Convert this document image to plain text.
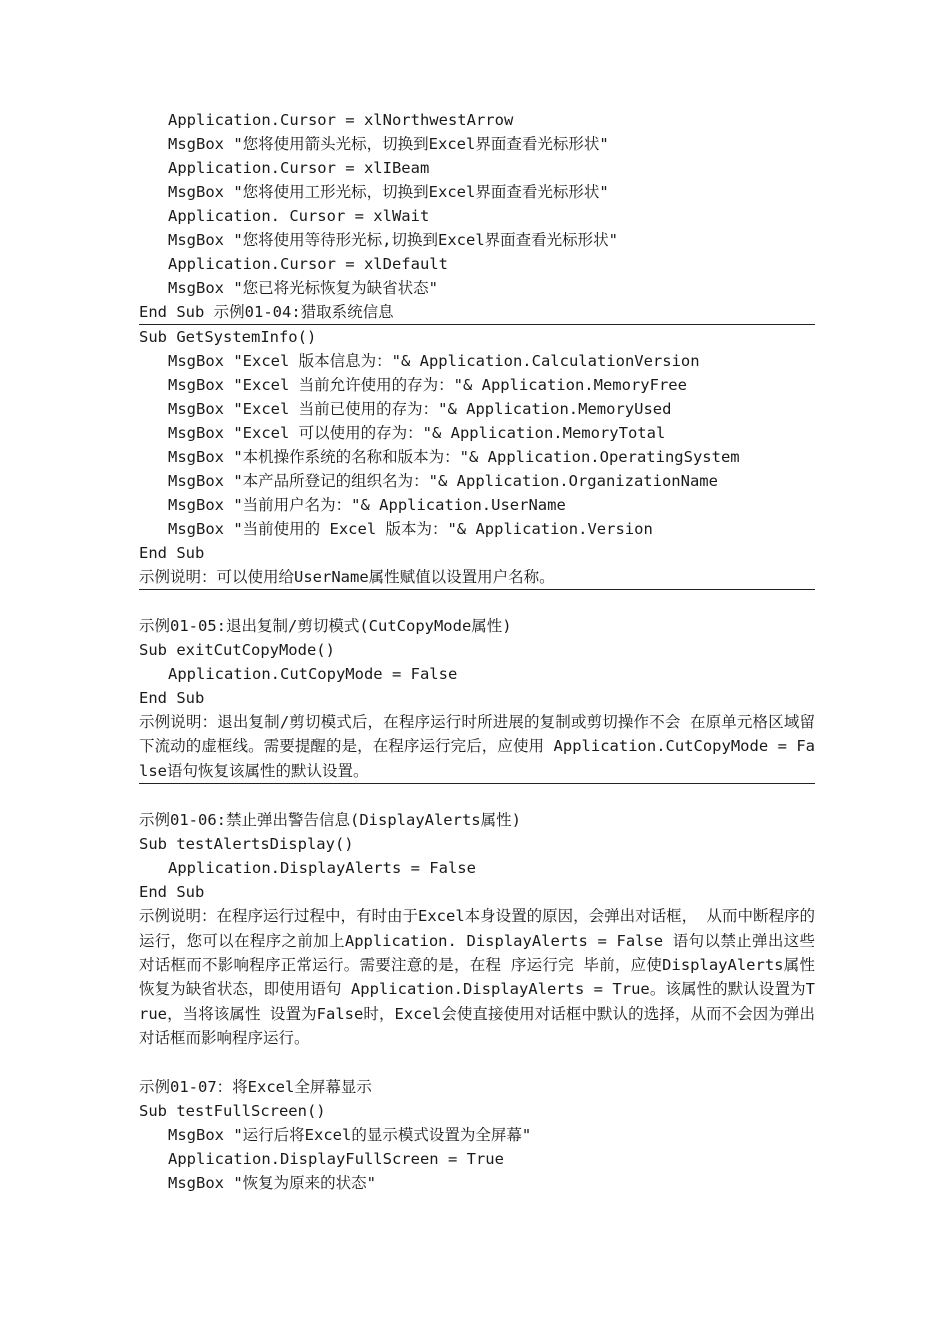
Application.Cursor = xlNorthwestArrow
MsgBox "您将使用箭头光标，切换到Excel界面查看光标形状"
Application.Cursor = xlIBeam
MsgBox "您将使用工形光标，切换到Excel界面查看光标形状"
Application. Cursor = xlWait
MsgBox "您将使用等待形光标,切换到Excel界面查看光标形状"
Application.Cursor = xlDefault
MsgBox "您已将光标恢复为缺省状态"
End Sub 示例01-04:猎取系统信息
Sub GetSystemInfo()
MsgBox "Excel 版本信息为："& Application.CalculationVersion
MsgBox "Excel 当前允许使用的存为："& Application.MemoryFree
MsgBox "Excel 当前已使用的存为："& Application.MemoryUsed
MsgBox "Excel 可以使用的存为："& Application.MemoryTotal
MsgBox "本机操作系统的名称和版本为："& Application.OperatingSystem
MsgBox "本产品所登记的组织名为："& Application.OrganizationName
MsgBox "当前用户名为："& Application.UserName
MsgBox "当前使用的 Excel 版本为："& Application.Version
End Sub
示例说明：可以使用给UserName属性赋值以设置用户名称。
示例01-05:退出复制/剪切模式(CutCopyMode属性)
Sub exitCutCopyMode()
Application.CutCopyMode = False
End Sub
示例说明：退出复制/剪切模式后，在程序运行时所进展的复制或剪切操作不会 在原单元格区域留下流动的虚框线。需要提醒的是，在程序运行完后，应使用 Application.CutCopyMode = False语句恢复该属性的默认设置。
示例01-06:禁止弹出警告信息(DisplayAlerts属性)
Sub testAlertsDisplay()
Application.DisplayAlerts = False
End Sub
示例说明：在程序运行过程中，有时由于Excel本身设置的原因，会弹出对话框， 从而中断程序的运行，您可以在程序之前加上Application. DisplayAlerts = False 语句以禁止弹出这些对话框而不影响程序正常运行。需要注意的是，在程 序运行完 毕前，应使DisplayAlerts属性恢复为缺省状态，即使用语句 Application.DisplayAlerts = True。该属性的默认设置为True，当将该属性 设置为False时，Excel会使直接使用对话框中默认的选择，从而不会因为弹出 对话框而影响程序运行。
示例01-07：将Excel全屏幕显示
Sub testFullScreen()
MsgBox "运行后将Excel的显示模式设置为全屏幕"
Application.DisplayFullScreen = True
MsgBox "恢复为原来的状态"
